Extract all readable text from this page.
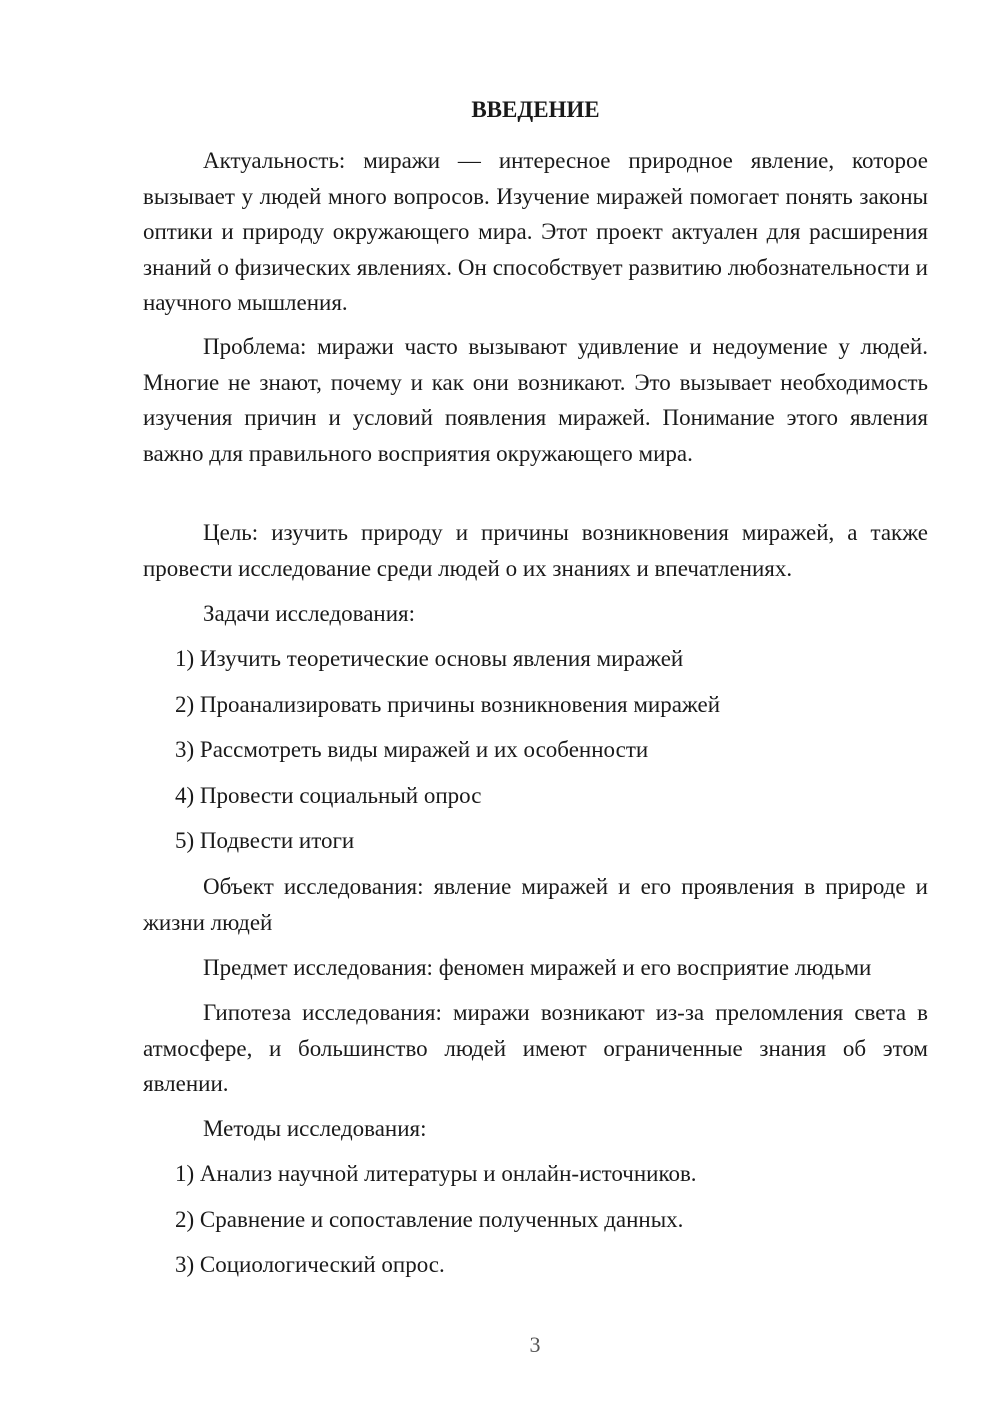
ВВЕДЕНИЕ

Актуальность: миражи — интересное природное явление, которое вызывает у людей много вопросов. Изучение миражей помогает понять законы оптики и природу окружающего мира. Этот проект актуален для расширения знаний о физических явлениях. Он способствует развитию любознательности и научного мышления.

Проблема: миражи часто вызывают удивление и недоумение у людей. Многие не знают, почему и как они возникают. Это вызывает необходимость изучения причин и условий появления миражей. Понимание этого явления важно для правильного восприятия окружающего мира.

Цель: изучить природу и причины возникновения миражей, а также провести исследование среди людей о их знаниях и впечатлениях.

Задачи исследования:

1) Изучить теоретические основы явления миражей

2) Проанализировать причины возникновения миражей

3) Рассмотреть виды миражей и их особенности

4) Провести социальный опрос

5) Подвести итоги

Объект исследования: явление миражей и его проявления в природе и жизни людей

Предмет исследования: феномен миражей и его восприятие людьми

Гипотеза исследования: миражи возникают из-за преломления света в атмосфере, и большинство людей имеют ограниченные знания об этом явлении.

Методы исследования:

1) Анализ научной литературы и онлайн-источников.

2) Сравнение и сопоставление полученных данных.

3) Социологический опрос.

3
